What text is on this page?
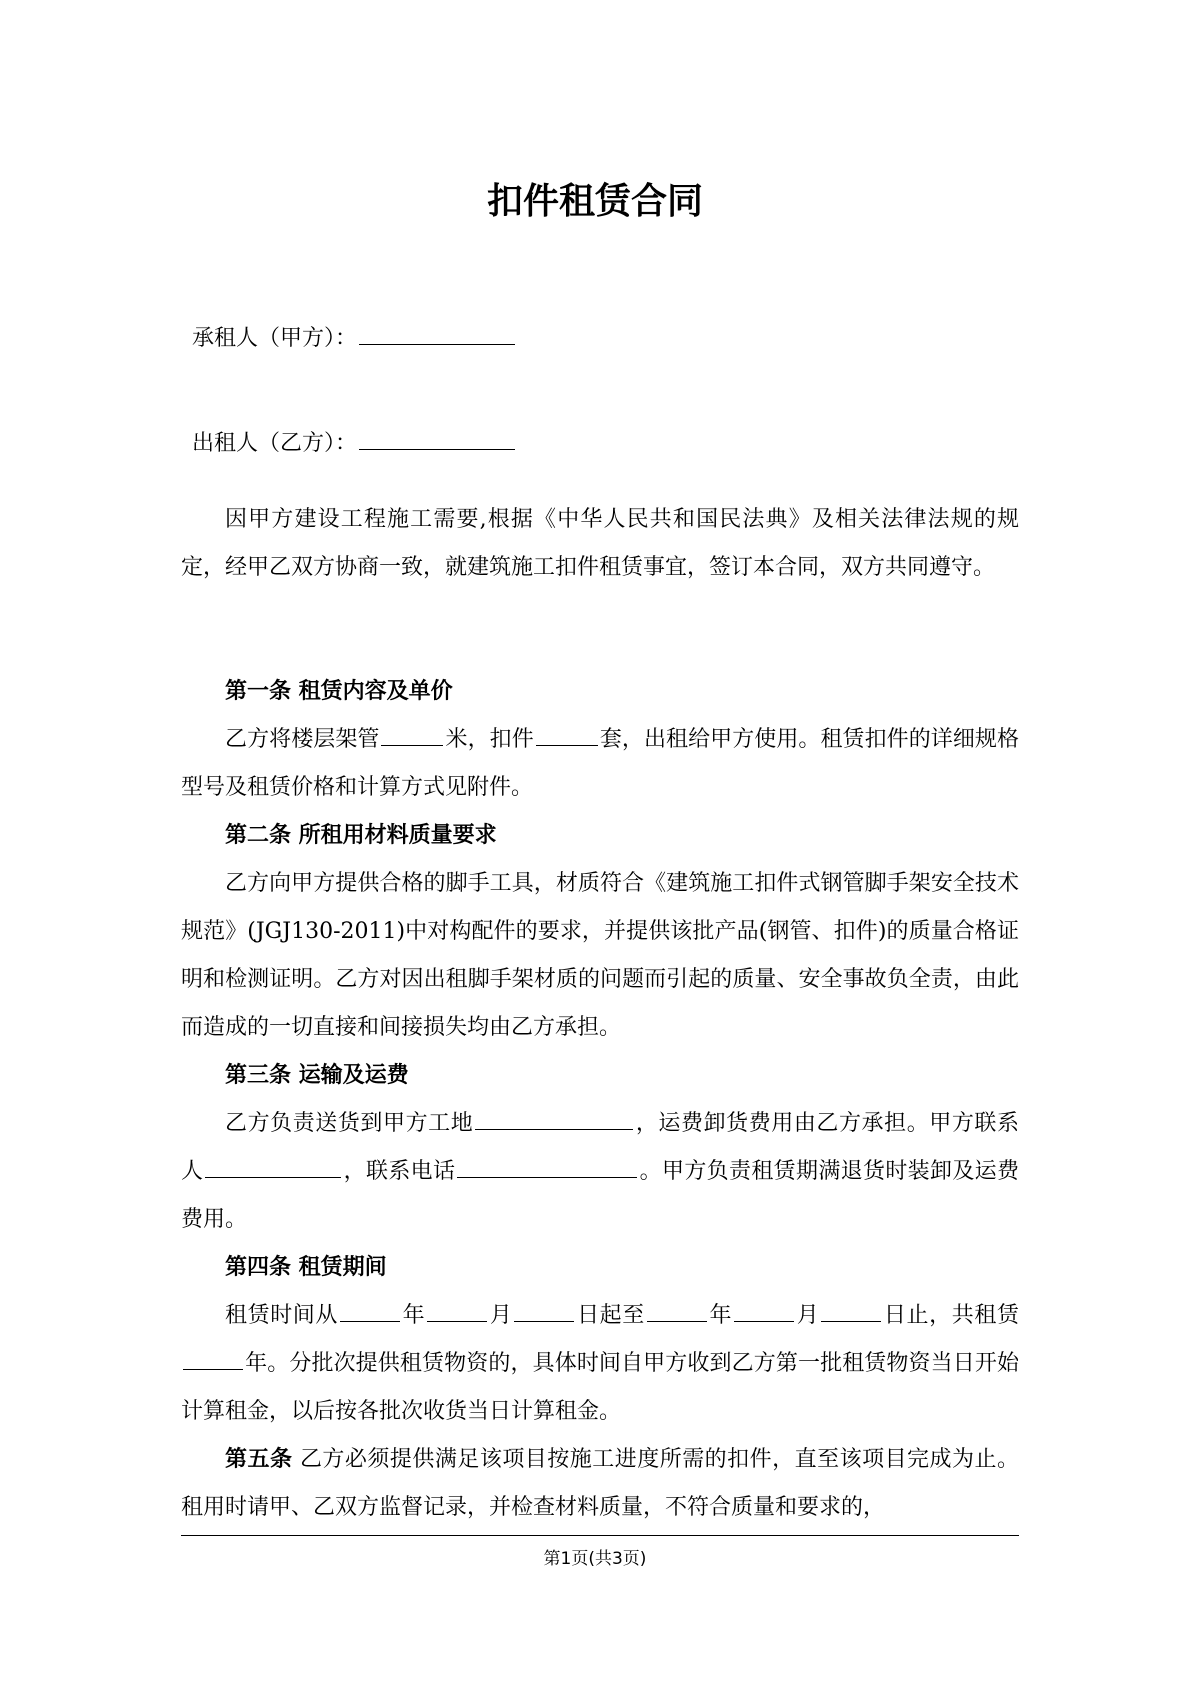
扣件租赁合同
承租人（甲方）：
出租人（乙方）：

因甲方建设工程施工需要,根据《中华人民共和国民法典》及相关法律法规的规定，经甲乙双方协商一致，就建筑施工扣件租赁事宜，签订本合同，双方共同遵守。

第一条 租赁内容及单价

乙方将楼层架管	米，扣件	套，出租给甲方使用。租赁扣件的详细规格型号及租赁价格和计算方式见附件。

第二条 所租用材料质量要求

乙方向甲方提供合格的脚手工具，材质符合《建筑施工扣件式钢管脚手架安全技术规范》(JGJ130-2011)中对构配件的要求，并提供该批产品(钢管、扣件)的质量合格证明和检测证明。乙方对因出租脚手架材质的问题而引起的质量、安全事故负全责，由此而造成的一切直接和间接损失均由乙方承担。

第三条 运输及运费

乙方负责送货到甲方工地	，运费卸货费用由乙方承担。甲方联系人	，联系电话	。甲方负责租赁期满退货时装卸及运费费用。

第四条 租赁期间

租赁时间从	年	月	日起至	年	月	日止，共租赁年。分批次提供租赁物资的，具体时间自甲方收到乙方第一批租赁物资当日开始计算租金，以后按各批次收货当日计算租金。

第五条 乙方必须提供满足该项目按施工进度所需的扣件，直至该项目完成为止。租用时请甲、乙双方监督记录，并检查材料质量，不符合质量和要求的，

第1页(共3页)
